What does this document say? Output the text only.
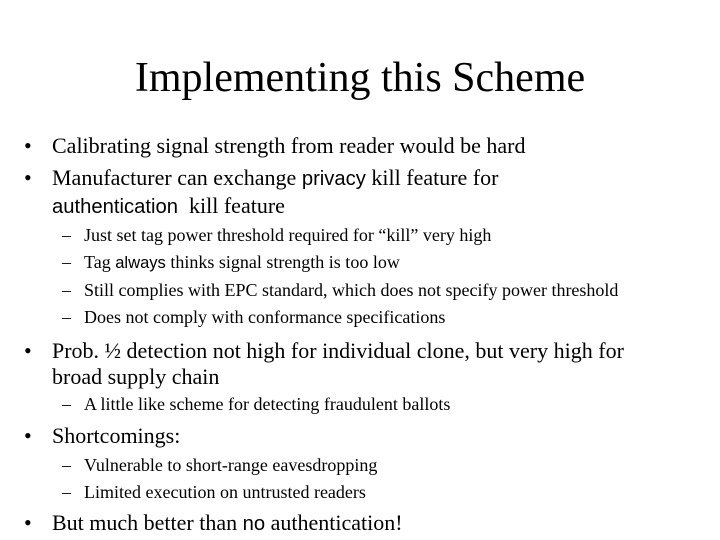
Implementing this Scheme
• Calibrating signal strength from reader would be hard
• Manufacturer can exchange privacy kill feature for
authentication  kill feature
– Just set tag power threshold required for “kill” very high
– Tag always thinks signal strength is too low
– Still complies with EPC standard, which does not specify power threshold
– Does not comply with conformance specifications
• Prob. ½ detection not high for individual clone, but very high for
broad supply chain
– A little like scheme for detecting fraudulent ballots
• Shortcomings:
– Vulnerable to short-range eavesdropping
– Limited execution on untrusted readers
• But much better than no authentication!
